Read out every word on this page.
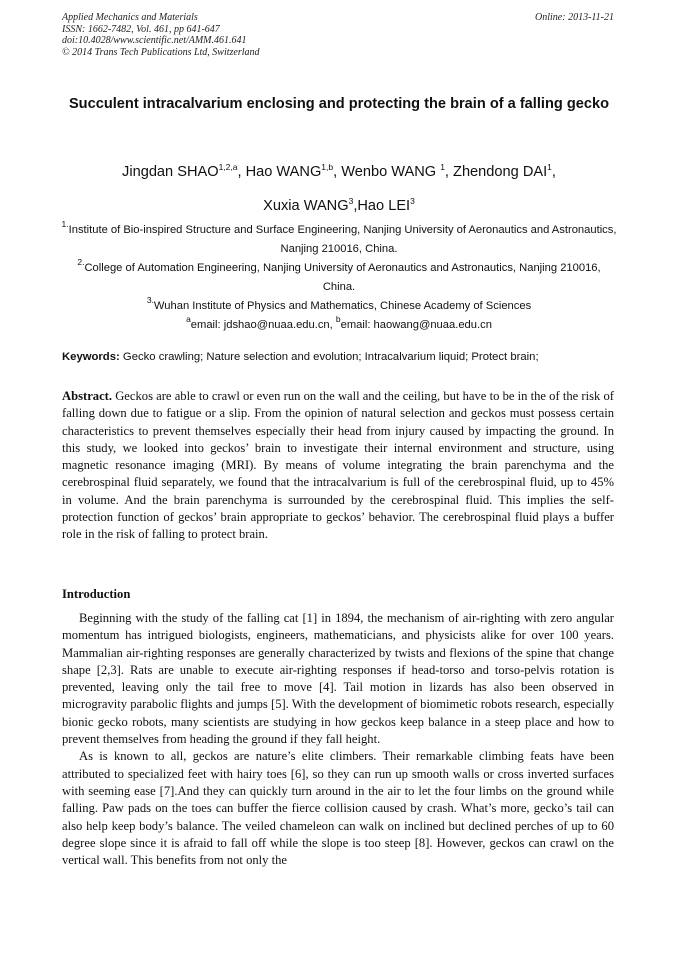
Applied Mechanics and Materials
ISSN: 1662-7482, Vol. 461, pp 641-647
doi:10.4028/www.scientific.net/AMM.461.641
© 2014 Trans Tech Publications Ltd, Switzerland
Online: 2013-11-21
Succulent intracalvarium enclosing and protecting the brain of a falling gecko
Jingdan SHAO$^{1,2,a}$, Hao WANG$^{1,b}$, Wenbo WANG $^1$, Zhendong DAI$^1$,
Xuxia WANG$^3$,Hao LEI$^3$
$^{1.}$Institute of Bio-inspired Structure and Surface Engineering, Nanjing University of Aeronautics and Astronautics, Nanjing 210016, China.
$^{2.}$College of Automation Engineering, Nanjing University of Aeronautics and Astronautics, Nanjing 210016, China.
$^{3.}$Wuhan Institute of Physics and Mathematics, Chinese Academy of Sciences
$^a$email: jdshao@nuaa.edu.cn, $^b$email: haowang@nuaa.edu.cn
Keywords: Gecko crawling; Nature selection and evolution; Intracalvarium liquid; Protect brain;

Abstract. Geckos are able to crawl or even run on the wall and the ceiling, but have to be in the of the risk of falling down due to fatigue or a slip. From the opinion of natural selection and geckos must possess certain characteristics to prevent themselves especially their head from injury caused by impacting the ground. In this study, we looked into geckos’ brain to investigate their internal environment and structure, using magnetic resonance imaging (MRI). By means of volume integrating the brain parenchyma and the cerebrospinal fluid separately, we found that the intracalvarium is full of the cerebrospinal fluid, up to 45% in volume. And the brain parenchyma is surrounded by the cerebrospinal fluid. This implies the self-protection function of geckos’ brain appropriate to geckos’ behavior. The cerebrospinal fluid plays a buffer role in the risk of falling to protect brain.

Introduction

Beginning with the study of the falling cat [1] in 1894, the mechanism of air-righting with zero angular momentum has intrigued biologists, engineers, mathematicians, and physicists alike for over 100 years. Mammalian air-righting responses are generally characterized by twists and flexions of the spine that change shape [2,3]. Rats are unable to execute air-righting responses if head-torso and torso-pelvis rotation is prevented, leaving only the tail free to move [4]. Tail motion in lizards has also been observed in microgravity parabolic flights and jumps [5]. With the development of biomimetic robots research, especially bionic gecko robots, many scientists are studying in how geckos keep balance in a steep place and how to prevent themselves from heading the ground if they fall height.

As is known to all, geckos are nature’s elite climbers. Their remarkable climbing feats have been attributed to specialized feet with hairy toes [6], so they can run up smooth walls or cross inverted surfaces with seeming ease [7].And they can quickly turn around in the air to let the four limbs on the ground while falling. Paw pads on the toes can buffer the fierce collision caused by crash. What’s more, gecko’s tail can also help keep body’s balance. The veiled chameleon can walk on inclined but declined perches of up to 60 degree slope since it is afraid to fall off while the slope is too steep [8]. However, geckos can crawl on the vertical wall. This benefits from not only the
